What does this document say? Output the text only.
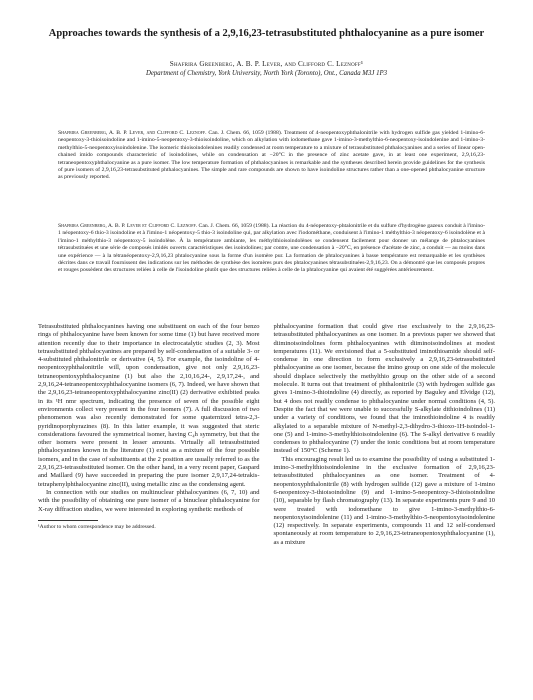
Approaches towards the synthesis of a 2,9,16,23-tetrasubstituted phthalocyanine as a pure isomer
Shafrira Greenberg, A. B. P. Lever, and Clifford C. Leznoff¹
Department of Chemistry, York University, North York (Toronto), Ont., Canada M3J 1P3
Shafrira Greenberg, A. B. P. Lever, and Clifford C. Leznoff. Can. J. Chem. 66, 1059 (1988). Treatment of 4-neopentoxyphthalonitrile with hydrogen sulfide gas yielded 1-imino-6-neopentoxy-3-thioisoindoline and 1-imino-5-neopentoxy-3-thioisoindoline, which on alkylation with iodomethane gave 1-imino-3-methylthio-6-neopentoxy-isoindolenine and 1-imino-3-methylthio-5-neopentoxyisoindolenine. The isomeric thioisoindolenines readily condensed at room temperature to a mixture of tetrasubstituted phthalocyanines and a series of linear open-chained imido compounds characteristic of isoindolines, while on condensation at −20°C in the presence of zinc acetate gave, in at least one experiment, 2,9,16,23-tetraneopentoxyphthalocyanine as a pure isomer. The low temperature formation of phthalocyanines is remarkable and the syntheses described herein provide guidelines for the synthesis of pure isomers of 2,9,16,23-tetrasubstituted phthalocyanines. The simple and rare compounds are shown to have isoindoline structures rather than a one-opened phthalocyanine structure as previously reported.
Shafrira Greenberg, A. B. P. Lever et Clifford C. Leznoff. Can. J. Chem. 66, 1059 (1988). La réaction du 4-néopentoxy-phtalonitrile et du sulfure d'hydrogène gazeux conduit à l'imino-1 néopentoxy-6 thio-3 isoindoline et à l'imino-1 néopentoxy-5 thio-3 isoindoline qui, par alkylation avec l'iodométhane, conduisent à l'imino-1 méthylthio-3 néopentoxy-6 isoindolène et à l'imino-1 méthylthio-3 néopentoxy-5 isoindolène. À la température ambiante, les méthylthioisoindolènes se condensent facilement pour donner un mélange de phtalocyanines tétrasubstituées et une série de composés imidés ouverts caractéristiques des isoindolines; par contre, une condensation à −20°C, en présence d'acétate de zinc, a conduit — au moins dans une expérience — à la tétranéopentoxy-2,9,16,23 phtalocyanine sous la forme d'un isomère pur. La formation de phtalocyanines à basse température est remarquable et les synthèses décrites dans ce travail fournissent des indications sur les méthodes de synthèse des isomères purs des phtalocyanines tétrasubstituées-2,9,16,23. On a démontré que les composés propres et rouges possèdent des structures reliées à celle de l'isoindoline plutôt que des structures reliées à celle de la phtalocyanine qui avaient été suggérées antérieurement.

Tetrasubstituted phthalocyanines having one substituent on each of the four benzo rings of phthalocyanine have been known for some time (1) but have received more attention recently due to their importance in electrocatalytic studies (2, 3). Most tetrasubstituted phthalocyanines are prepared by self-condensation of a suitable 3- or 4-substituted phthalonitrile or derivative (4, 5). For example, the isoindoline of 4-neopentoxyphthalonitrile will, upon condensation, give not only 2,9,16,23-tetraneopentoxyphthalocyanine (1) but also the 2,10,16,24-, 2,9,17,24-, and 2,9,16,24-tetraneopentoxyphthalocyanine isomers (6, 7). Indeed, we have shown that the 2,9,16,23-tetraneopentoxyphthalocyanine zinc(II) (2) derivative exhibited peaks in its ¹H nmr spectrum, indicating the presence of seven of the possible eight environments collect very present in the four isomers (7). A full discussion of two phenomenon was also recently demonstrated for some quaternized tetra-2,3-pyridinoporphyrazines (8). In this latter example, it was suggested that steric considerations favoured the symmetrical isomer, having C₄h symmetry, but that the other isomers were present in lesser amounts. Virtually all tetrasubstituted phthalocyanines known in the literature (1) exist as a mixture of the four possible isomers, and in the case of substituents at the 2 position are usually referred to as the 2,9,16,23-tetrasubstituted isomer. On the other hand, in a very recent paper, Gaspard and Maillard (9) have succeeded in preparing the pure isomer 2,9,17,24-tetrakis-tetraphenylphthalocyanine zinc(II), using metallic zinc as the condensing agent.

In connection with our studies on multinuclear phthalocyanines (6, 7, 10) and with the possibility of obtaining one pure isomer of a binuclear phthalocyanine for X-ray diffraction studies, we were interested in exploring synthetic methods of

¹Author to whom correspondence may be addressed.

phthalocyanine formation that could give rise exclusively to the 2,9,16,23-tetrasubstituted phthalocyanines as one isomer. In a previous paper we showed that diiminoisoindolines form phthalocyanines with diiminoisoindolines at modest temperatures (11). We envisioned that a 5-substituted iminothioamide should self-condense in one direction to form exclusively a 2,9,16,23-tetrasubstituted phthalocyanine as one isomer, because the imino group on one side of the molecule should displace selectively the methylthio group on the other side of a second molecule. It turns out that treatment of phthalonitrile (3) with hydrogen sulfide gas gives 1-imino-3-thioindoline (4) directly, as reported by Baguley and Elvidge (12), but 4 does not readily condense to phthalocyanine under normal conditions (4, 5). Despite the fact that we were unable to successfully S-alkylate dithioindolines (11) under a variety of conditions, we found that the iminothioindoline 4 is readily alkylated to a separable mixture of N-methyl-2,3-dihydro-3-thioxo-1H-isoindol-1-one (5) and 1-imino-3-methylthioisoindolenine (6). The S-alkyl derivative 6 readily condenses to phthalocyanine (7) under the ionic conditions but at room temperature instead of 150°C (Scheme 1).

This encouraging result led us to examine the possibility of using a substituted 1-imino-3-methylthioisoindolenine in the exclusive formation of 2,9,16,23-tetrasubstituted phthalocyanines as one isomer. Treatment of 4-neopentoxyphthalonitrile (8) with hydrogen sulfide (12) gave a mixture of 1-imino 6-neopentoxy-3-thioisoindoline (9) and 1-imino-5-neopentoxy-3-thioisoindoline (10), separable by flash chromatography (13). In separate experiments pure 9 and 10 were treated with iodomethane to give 1-imino-3-methylthio-6-neopentoxyisoindolenine (11) and 1-imino-3-methylthio-5-neopentoxyisoindolenine (12) respectively. In separate experiments, compounds 11 and 12 self-condensed spontaneously at room temperature to 2,9,16,23-tetraneopentoxyphthalocyanine (1), as a mixture
